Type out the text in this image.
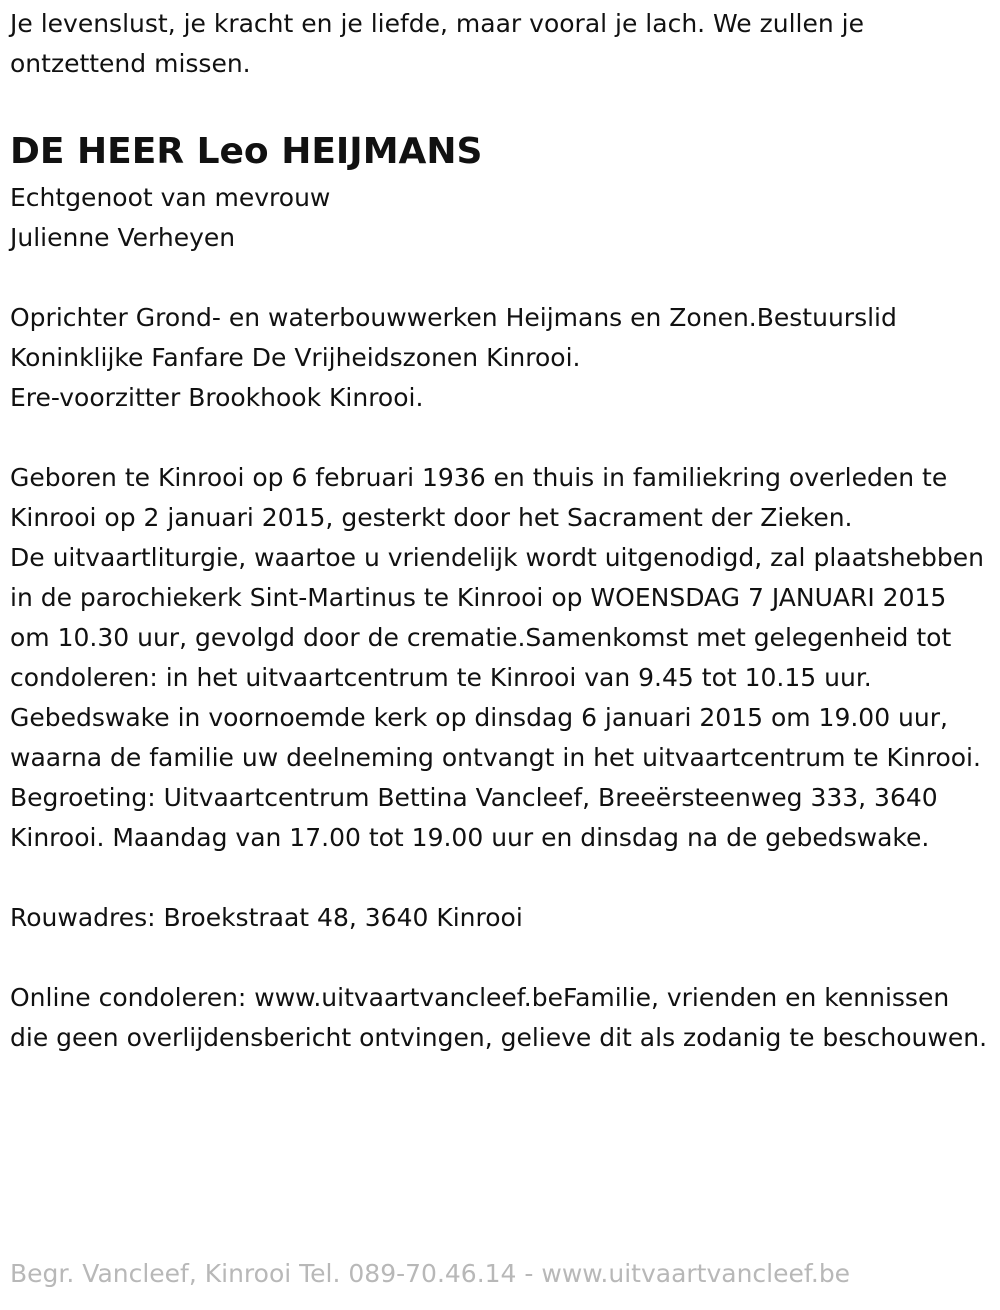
Je levenslust, je kracht en je liefde, maar vooral je lach. We zullen je ontzettend missen.

DE HEER Leo HEIJMANS

Echtgenoot van mevrouw
Julienne Verheyen

Oprichter Grond- en waterbouwwerken Heijmans en Zonen.Bestuurslid Koninklijke Fanfare De Vrijheidszonen Kinrooi.
Ere-voorzitter Brookhook Kinrooi.

Geboren te Kinrooi op 6 februari 1936 en thuis in familiekring overleden te Kinrooi op 2 januari 2015, gesterkt door het Sacrament der Zieken.
De uitvaartliturgie, waartoe u vriendelijk wordt uitgenodigd, zal plaatshebben in de parochiekerk Sint-Martinus te Kinrooi op WOENSDAG 7 JANUARI 2015 om 10.30 uur, gevolgd door de crematie.Samenkomst met gelegenheid tot condoleren: in het uitvaartcentrum te Kinrooi van 9.45 tot 10.15 uur.
Gebedswake in voornoemde kerk op dinsdag 6 januari 2015 om 19.00 uur, waarna de familie uw deelneming ontvangt in het uitvaartcentrum te Kinrooi.
Begroeting: Uitvaartcentrum Bettina Vancleef, Breeërsteenweg 333, 3640 Kinrooi. Maandag van 17.00 tot 19.00 uur en dinsdag na de gebedswake.

Rouwadres: Broekstraat 48, 3640 Kinrooi

Online condoleren: www.uitvaartvancleef.beFamilie, vrienden en kennissen die geen overlijdensbericht ontvingen, gelieve dit als zodanig te beschouwen.

Begr. Vancleef, Kinrooi Tel. 089-70.46.14 - www.uitvaartvancleef.be
